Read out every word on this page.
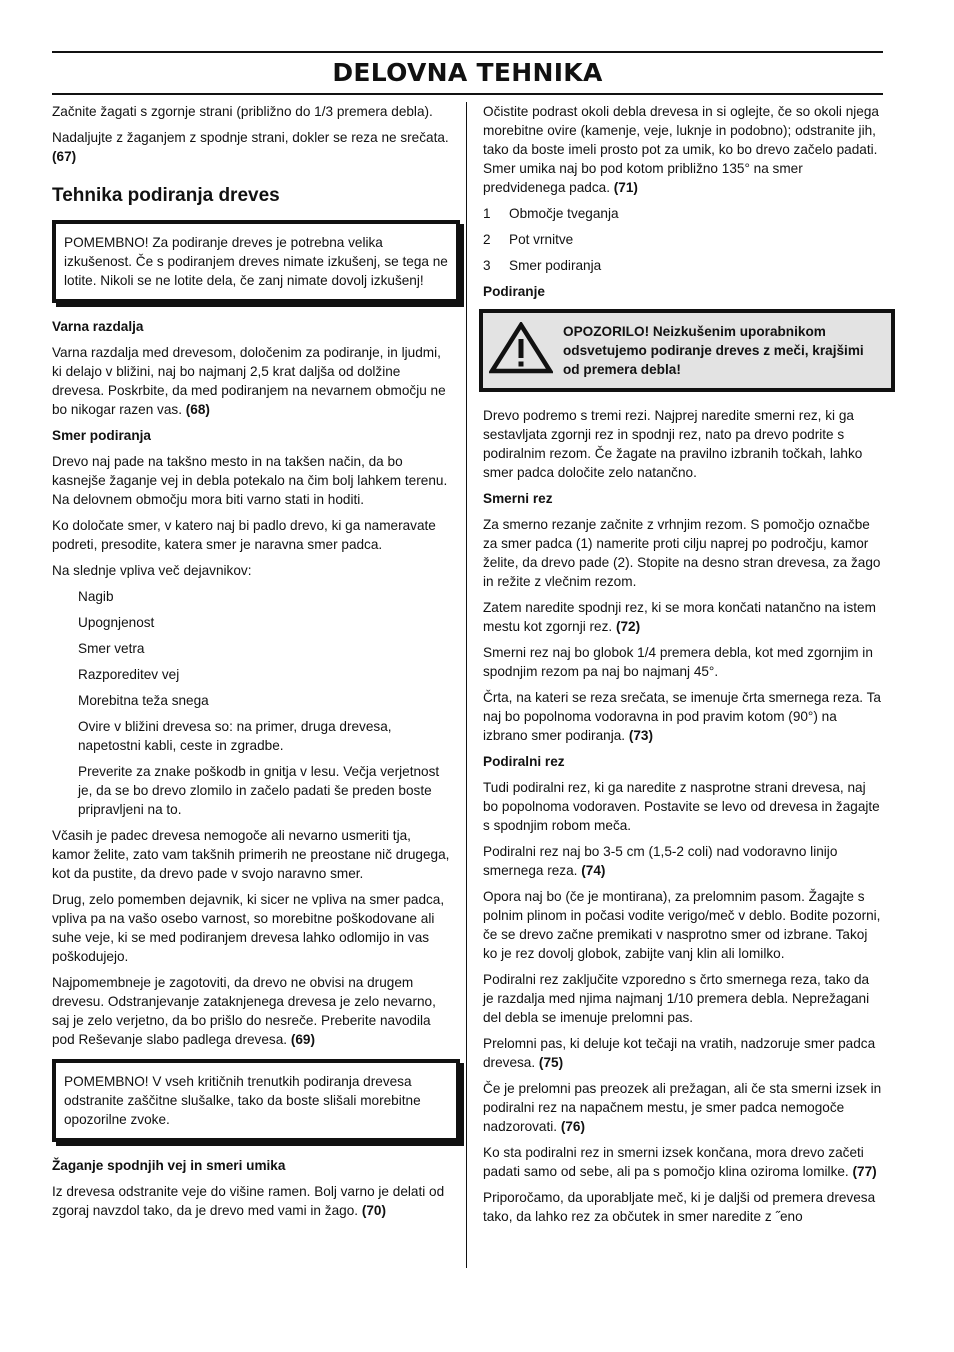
DELOVNA TEHNIKA

Začnite žagati s zgornje strani (približno do 1/3 premera debla).

Nadaljujte z žaganjem z spodnje strani, dokler se reza ne srečata. (67)

Tehnika podiranja dreves
POMEMBNO! Za podiranje dreves je potrebna velika izkušenost. Če s podiranjem dreves nimate izkušenj, se tega ne lotite. Nikoli se ne lotite dela, če zanj nimate dovolj izkušenj!
Varna razdalja

Varna razdalja med drevesom, določenim za podiranje, in ljudmi, ki delajo v bližini, naj bo najmanj 2,5 krat daljša od dolžine drevesa. Poskrbite, da med podiranjem na nevarnem območju ne bo nikogar razen vas. (68)

Smer podiranja

Drevo naj pade na takšno mesto in na takšen način, da bo kasnejše žaganje vej in debla potekalo na čim bolj lahkem terenu. Na delovnem območju mora biti varno stati in hoditi.

Ko določate smer, v katero naj bi padlo drevo, ki ga nameravate podreti, presodite, katera smer je naravna smer padca.

Na slednje vpliva več dejavnikov:

Nagib

Upognjenost

Smer vetra

Razporeditev vej

Morebitna teža snega

Ovire v bližini drevesa so: na primer, druga drevesa, napetostni kabli, ceste in zgradbe.

Preverite za znake poškodb in gnitja v lesu. Večja verjetnost je, da se bo drevo zlomilo in začelo padati še preden boste pripravljeni na to.

Včasih je padec drevesa nemogoče ali nevarno usmeriti tja, kamor želite, zato vam takšnih primerih ne preostane nič drugega, kot da pustite, da drevo pade v svojo naravno smer.

Drug, zelo pomemben dejavnik, ki sicer ne vpliva na smer padca, vpliva pa na vašo osebo varnost, so morebitne poškodovane ali suhe veje, ki se med podiranjem drevesa lahko odlomijo in vas poškodujejo.

Najpomembneje je zagotoviti, da drevo ne obvisi na drugem drevesu. Odstranjevanje zataknjenega drevesa je zelo nevarno, saj je zelo verjetno, da bo prišlo do nesreče. Preberite navodila pod Reševanje slabo padlega drevesa. (69)

POMEMBNO! V vseh kritičnih trenutkih podiranja drevesa odstranite zaščitne slušalke, tako da boste slišali morebitne opozorilne zvoke.
Žaganje spodnjih vej in smeri umika

Iz drevesa odstranite veje do višine ramen. Bolj varno je delati od zgoraj navzdol tako, da je drevo med vami in žago. (70)

Očistite podrast okoli debla drevesa in si oglejte, če so okoli njega morebitne ovire (kamenje, veje, luknje in podobno); odstranite jih, tako da boste imeli prosto pot za umik, ko bo drevo začelo padati. Smer umika naj bo pod kotom približno 135° na smer predvidenega padca. (71)

1	Območje tveganja
2	Pot vrnitve
3	Smer podiranja
Podiranje
OPOZORILO! Neizkušenim uporabnikom odsvetujemo podiranje dreves z meči, krajšimi od premera debla!

Drevo podremo s tremi rezi. Najprej naredite smerni rez, ki ga sestavljata zgornji rez in spodnji rez, nato pa drevo podrite s podiralnim rezom. Če žagate na pravilno izbranih točkah, lahko smer padca določite zelo natančno.

Smerni rez

Za smerno rezanje začnite z vrhnjim rezom. S pomočjo označbe za smer padca (1) namerite proti cilju naprej po področju, kamor želite, da drevo pade (2). Stopite na desno stran drevesa, za žago in režite z vlečnim rezom.

Zatem naredite spodnji rez, ki se mora končati natančno na istem mestu kot zgornji rez. (72)

Smerni rez naj bo globok 1/4 premera debla, kot med zgornjim in spodnjim rezom pa naj bo najmanj 45°.

Črta, na kateri se reza srečata, se imenuje črta smernega reza. Ta naj bo popolnoma vodoravna in pod pravim kotom (90°) na izbrano smer podiranja. (73)

Podiralni rez

Tudi podiralni rez, ki ga naredite z nasprotne strani drevesa, naj bo popolnoma vodoraven. Postavite se levo od drevesa in žagajte s spodnjim robom meča.

Podiralni rez naj bo 3-5 cm (1,5-2 coli) nad vodoravno linijo smernega reza. (74)

Opora naj bo (če je montirana), za prelomnim pasom. Žagajte s polnim plinom in počasi vodite verigo/meč v deblo. Bodite pozorni, če se drevo začne premikati v nasprotno smer od izbrane. Takoj ko je rez dovolj globok, zabijte vanj klin ali lomilko.

Podiralni rez zaključite vzporedno s črto smernega reza, tako da je razdalja med njima najmanj 1/10 premera debla. Neprežagani del debla se imenuje prelomni pas.

Prelomni pas, ki deluje kot tečaji na vratih, nadzoruje smer padca drevesa. (75)

Če je prelomni pas preozek ali prežagan, ali če sta smerni izsek in podiralni rez na napačnem mestu, je smer padca nemogoče nadzorovati. (76)

Ko sta podiralni rez in smerni izsek končana, mora drevo začeti padati samo od sebe, ali pa s pomočjo klina oziroma lomilke. (77)

Priporočamo, da uporabljate meč, ki je daljši od premera drevesa tako, da lahko rez za občutek in smer naredite z ˝eno
